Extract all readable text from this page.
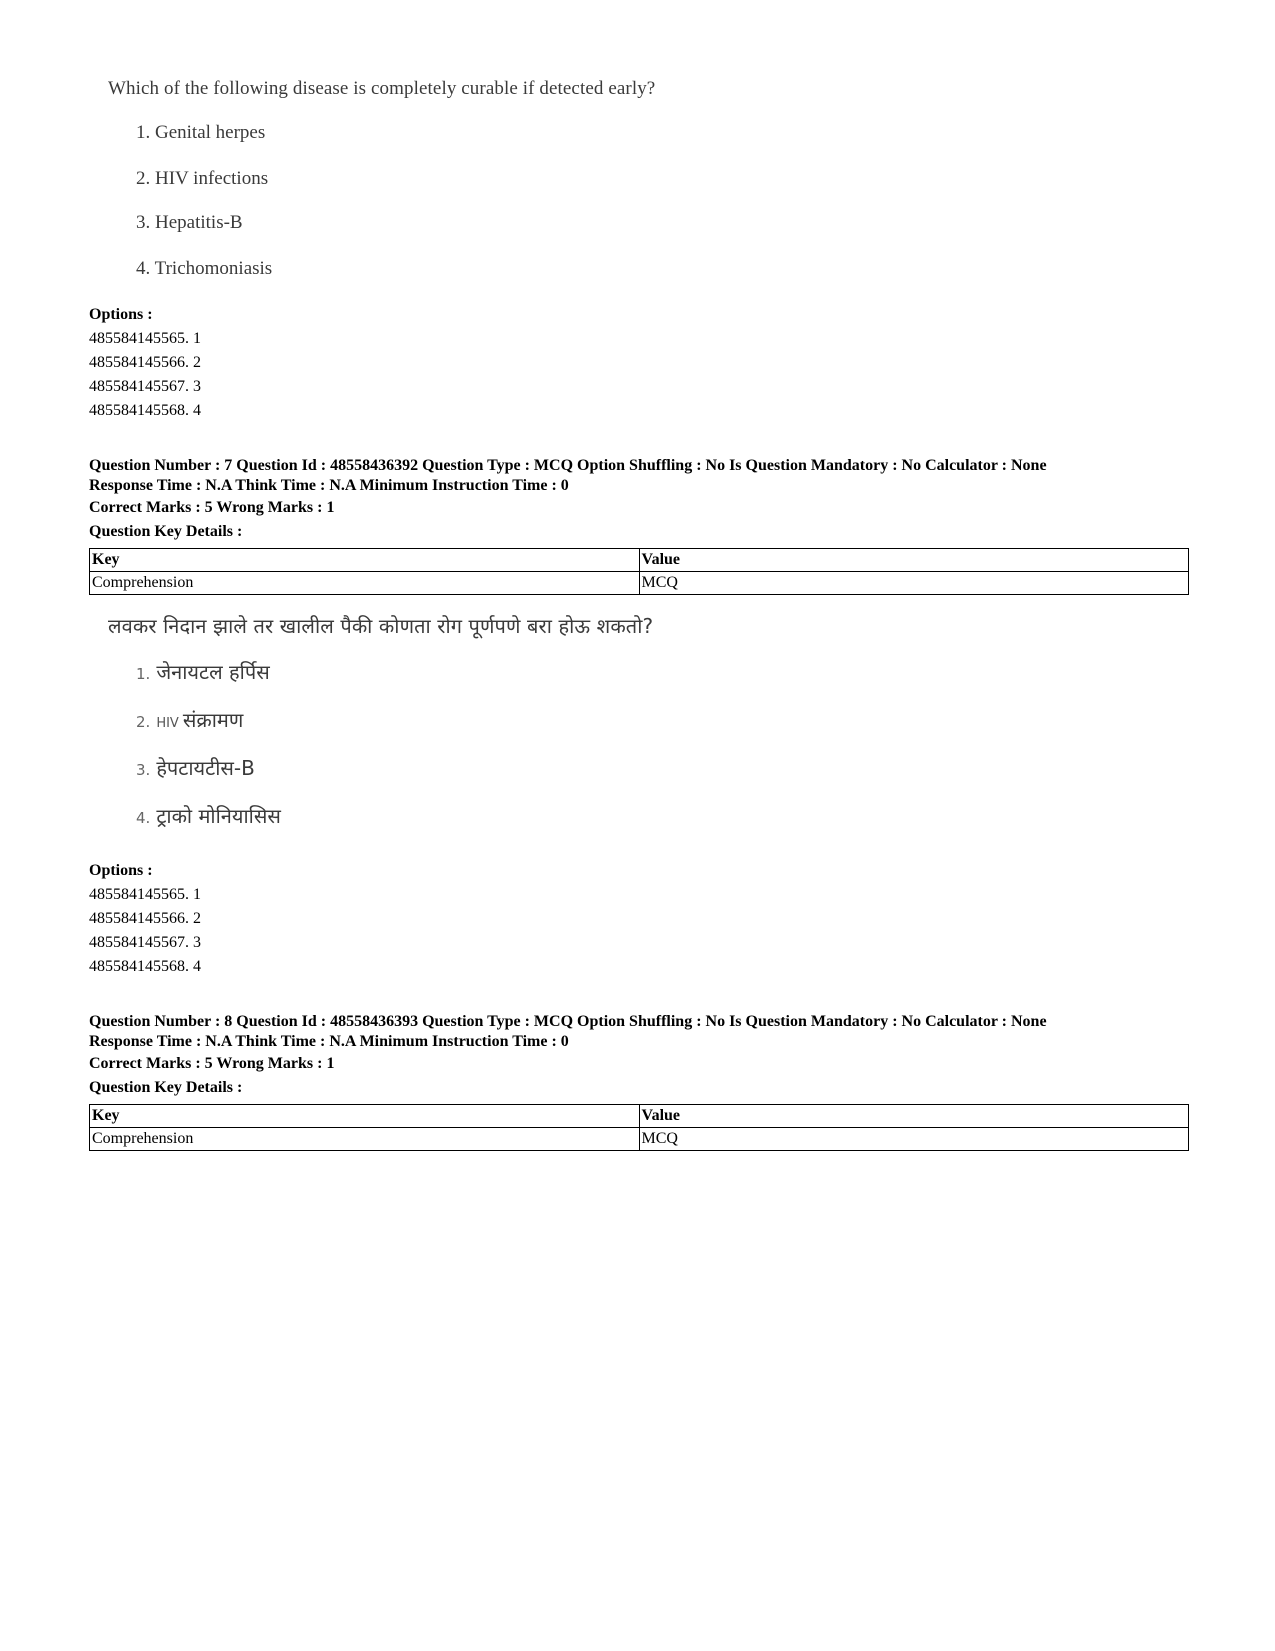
Which of the following disease is completely curable if detected early?
1. Genital herpes
2. HIV infections
3. Hepatitis-B
4. Trichomoniasis
Options :
485584145565. 1
485584145566. 2
485584145567. 3
485584145568. 4
Question Number : 7 Question Id : 48558436392 Question Type : MCQ Option Shuffling : No Is Question Mandatory : No Calculator : None
Response Time : N.A Think Time : N.A Minimum Instruction Time : 0
Correct Marks : 5 Wrong Marks : 1
Question Key Details :
Key	Value
Comprehension	MCQ
लवकर निदान झाले तर खालील पैकी कोणता रोग पूर्णपणे बरा होऊ शकतो?
1. जेनायटल हर्पिस
2. HIV संक्रामण
3. हेपटायटीस-B
4. ट्राको मोनियासिस
Options :
485584145565. 1
485584145566. 2
485584145567. 3
485584145568. 4
Question Number : 8 Question Id : 48558436393 Question Type : MCQ Option Shuffling : No Is Question Mandatory : No Calculator : None
Response Time : N.A Think Time : N.A Minimum Instruction Time : 0
Correct Marks : 5 Wrong Marks : 1
Question Key Details :
Key	Value
Comprehension	MCQ
